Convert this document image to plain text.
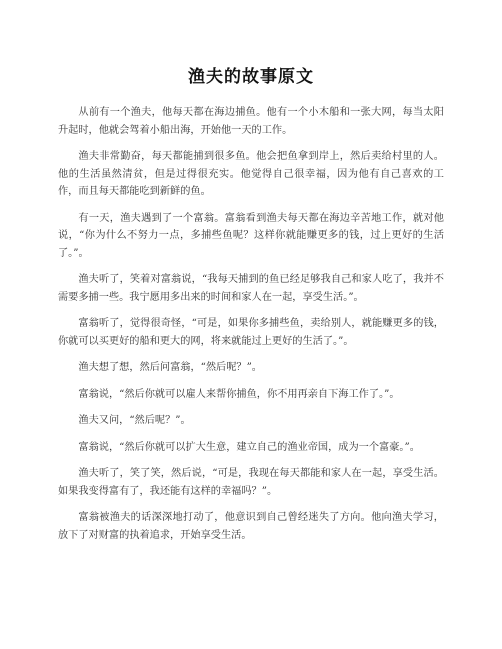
渔夫的故事原文

从前有一个渔夫，他每天都在海边捕鱼。他有一个小木船和一张大网，每当太阳升起时，他就会驾着小船出海，开始他一天的工作。

渔夫非常勤奋，每天都能捕到很多鱼。他会把鱼拿到岸上，然后卖给村里的人。他的生活虽然清贫，但是过得很充实。他觉得自己很幸福，因为他有自己喜欢的工作，而且每天都能吃到新鲜的鱼。

有一天，渔夫遇到了一个富翁。富翁看到渔夫每天都在海边辛苦地工作，就对他说，“你为什么不努力一点，多捕些鱼呢？这样你就能赚更多的钱，过上更好的生活了。”。

渔夫听了，笑着对富翁说，“我每天捕到的鱼已经足够我自己和家人吃了，我并不需要多捕一些。我宁愿用多出来的时间和家人在一起，享受生活。”。

富翁听了，觉得很奇怪，“可是，如果你多捕些鱼，卖给别人，就能赚更多的钱，你就可以买更好的船和更大的网，将来就能过上更好的生活了。”。

渔夫想了想，然后问富翁，“然后呢？”。

富翁说，“然后你就可以雇人来帮你捕鱼，你不用再亲自下海工作了。”。

渔夫又问，“然后呢？”。

富翁说，“然后你就可以扩大生意，建立自己的渔业帝国，成为一个富豪。”。

渔夫听了，笑了笑，然后说，“可是，我现在每天都能和家人在一起，享受生活。如果我变得富有了，我还能有这样的幸福吗？”。

富翁被渔夫的话深深地打动了，他意识到自己曾经迷失了方向。他向渔夫学习，放下了对财富的执着追求，开始享受生活。
